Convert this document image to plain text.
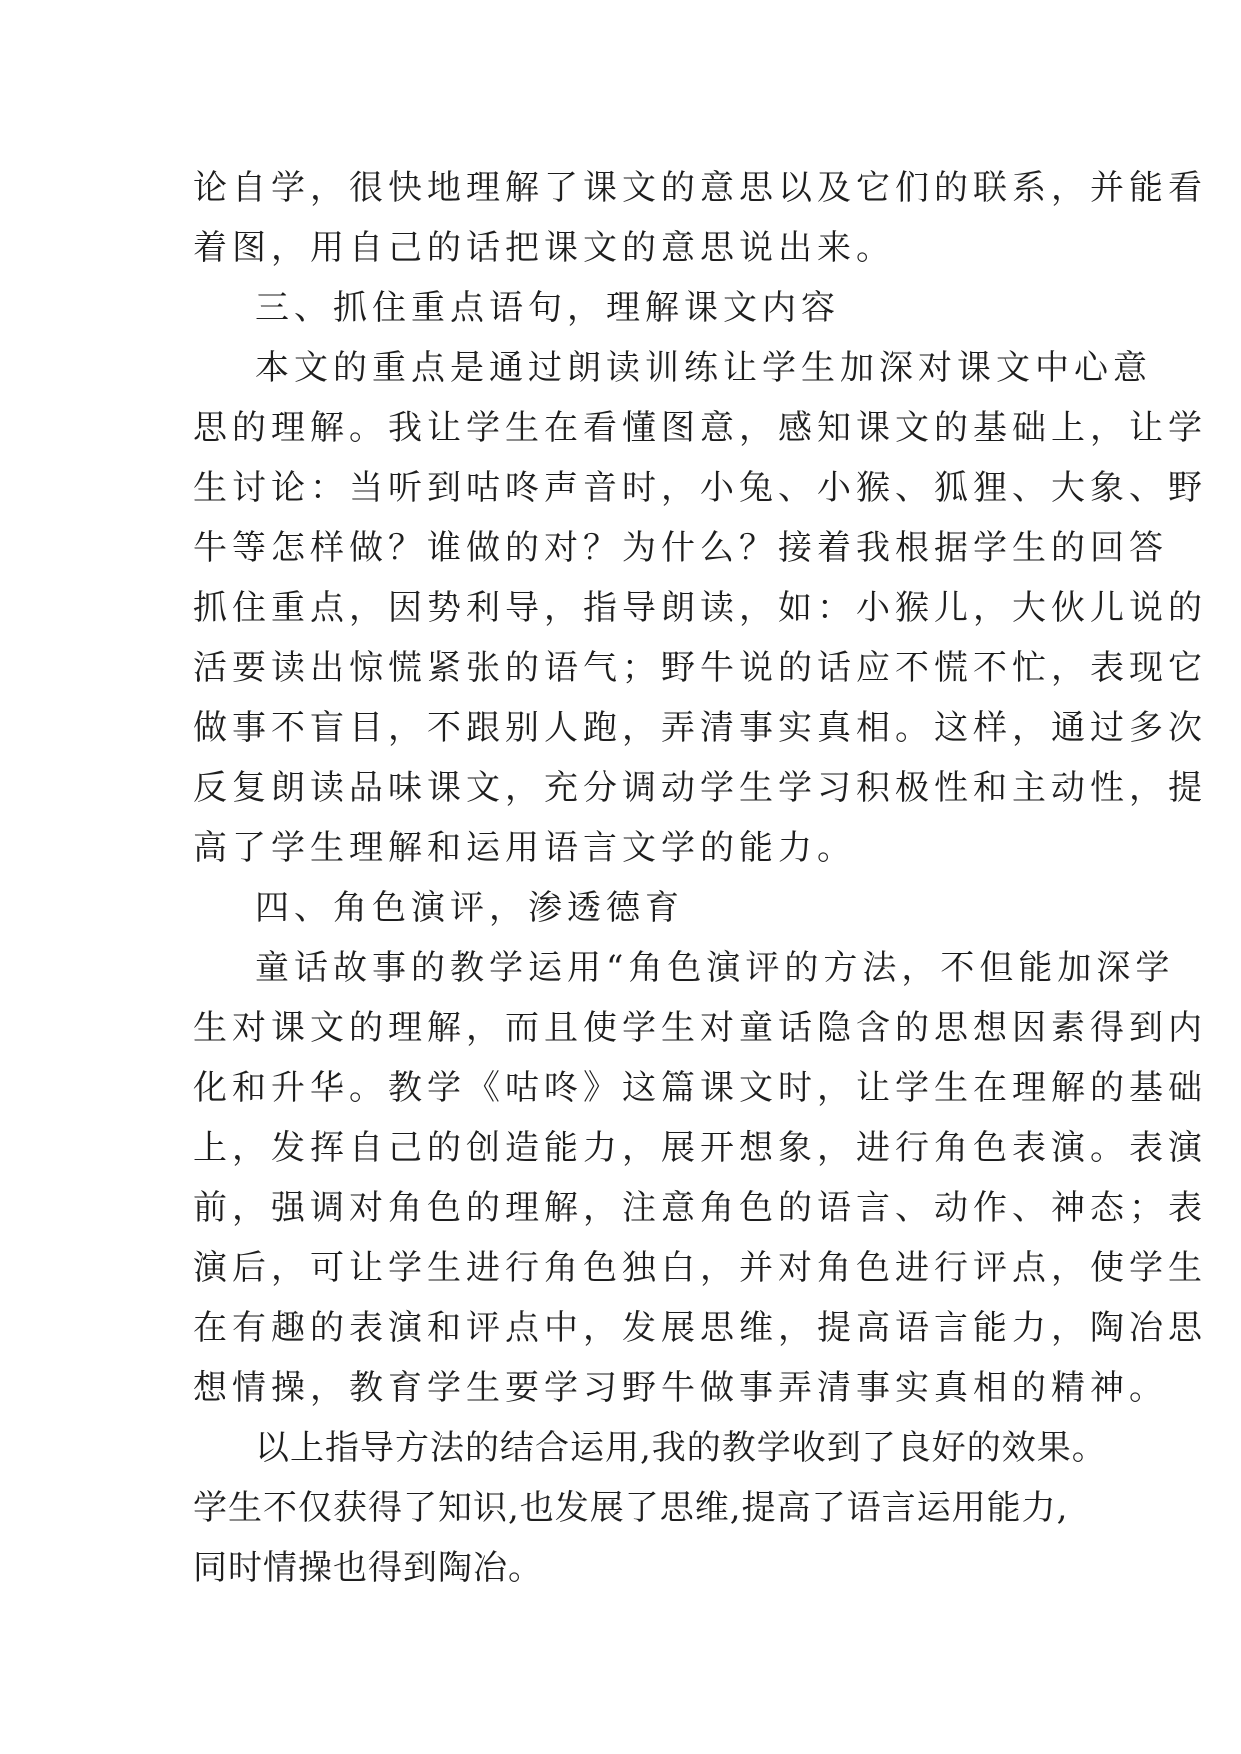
论自学，很快地理解了课文的意思以及它们的联系，并能看
着图，用自己的话把课文的意思说出来。
三、抓住重点语句，理解课文内容
本文的重点是通过朗读训练让学生加深对课文中心意
思的理解。我让学生在看懂图意，感知课文的基础上，让学
生讨论：当听到咕咚声音时，小兔、小猴、狐狸、大象、野
牛等怎样做？谁做的对？为什么？接着我根据学生的回答
抓住重点，因势利导，指导朗读，如：小猴儿，大伙儿说的
活要读出惊慌紧张的语气；野牛说的话应不慌不忙，表现它
做事不盲目，不跟别人跑，弄清事实真相。这样，通过多次
反复朗读品味课文，充分调动学生学习积极性和主动性，提
高了学生理解和运用语言文学的能力。
四、角色演评，渗透德育
童话故事的教学运用“角色演评的方法，不但能加深学
生对课文的理解，而且使学生对童话隐含的思想因素得到内
化和升华。教学《咕咚》这篇课文时，让学生在理解的基础
上，发挥自己的创造能力，展开想象，进行角色表演。表演
前，强调对角色的理解，注意角色的语言、动作、神态；表
演后，可让学生进行角色独白，并对角色进行评点，使学生
在有趣的表演和评点中，发展思维，提高语言能力，陶冶思
想情操，教育学生要学习野牛做事弄清事实真相的精神。
以上指导方法的结合运用,我的教学收到了良好的效果。
学生不仅获得了知识,也发展了思维,提高了语言运用能力,
同时情操也得到陶冶。
